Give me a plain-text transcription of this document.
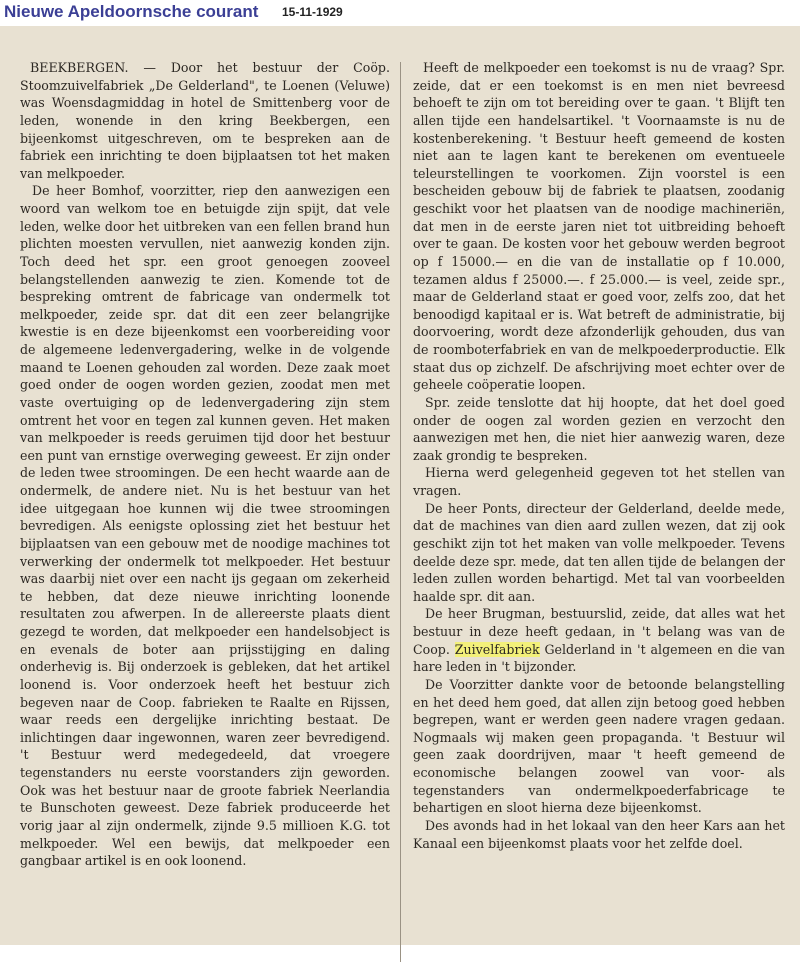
Nieuwe Apeldoornsche courant 15-11-1929

BEEKBERGEN. — Door het bestuur der Coöp. Stoomzuivelfabriek „De Gelderland", te Loenen (Veluwe) was Woensdagmiddag in hotel de Smittenberg voor de leden, wonende in den kring Beekbergen, een bijeenkomst uitgeschreven, om te bespreken aan de fabriek een inrichting te doen bijplaatsen tot het maken van melkpoeder.

De heer Bomhof, voorzitter, riep den aanwezigen een woord van welkom toe en betuigde zijn spijt, dat vele leden, welke door het uitbreken van een fellen brand hun plichten moesten vervullen, niet aanwezig konden zijn. Toch deed het spr. een groot genoegen zooveel belangstellenden aanwezig te zien. Komende tot de bespreking omtrent de fabricage van ondermelk tot melkpoeder, zeide spr. dat dit een zeer belangrijke kwestie is en deze bijeenkomst een voorbereiding voor de algemeene ledenvergadering, welke in de volgende maand te Loenen gehouden zal worden. Deze zaak moet goed onder de oogen worden gezien, zoodat men met vaste overtuiging op de ledenvergadering zijn stem omtrent het voor en tegen zal kunnen geven. Het maken van melkpoeder is reeds geruimen tijd door het bestuur een punt van ernstige overweging geweest. Er zijn onder de leden twee stroomingen. De een hecht waarde aan de ondermelk, de andere niet. Nu is het bestuur van het idee uitgegaan hoe kunnen wij die twee stroomingen bevredigen. Als eenigste oplossing ziet het bestuur het bijplaatsen van een gebouw met de noodige machines tot verwerking der ondermelk tot melkpoeder. Het bestuur was daarbij niet over een nacht ijs gegaan om zekerheid te hebben, dat deze nieuwe inrichting loonende resultaten zou afwerpen. In de allereerste plaats dient gezegd te worden, dat melkpoeder een handelsobject is en evenals de boter aan prijsstijging en daling onderhevig is. Bij onderzoek is gebleken, dat het artikel loonend is. Voor onderzoek heeft het bestuur zich begeven naar de Coop. fabrieken te Raalte en Rijssen, waar reeds een dergelijke inrichting bestaat. De inlichtingen daar ingewonnen, waren zeer bevredigend. 't Bestuur werd medegedeeld, dat vroegere tegenstanders nu eerste voorstanders zijn geworden. Ook was het bestuur naar de groote fabriek Neerlandia te Bunschoten geweest. Deze fabriek produceerde het vorig jaar al zijn ondermelk, zijnde 9.5 millioen K.G. tot melkpoeder. Wel een bewijs, dat melkpoeder een gangbaar artikel is en ook loonend.

Heeft de melkpoeder een toekomst is nu de vraag? Spr. zeide, dat er een toekomst is en men niet bevreesd behoeft te zijn om tot bereiding over te gaan. 't Blijft ten allen tijde een handelsartikel. 't Voornaamste is nu de kostenberekening. 't Bestuur heeft gemeend de kosten niet aan te lagen kant te berekenen om eventueele teleurstellingen te voorkomen. Zijn voorstel is een bescheiden gebouw bij de fabriek te plaatsen, zoodanig geschikt voor het plaatsen van de noodige machineriën, dat men in de eerste jaren niet tot uitbreiding behoeft over te gaan. De kosten voor het gebouw werden begroot op f 15000.— en die van de installatie op f 10.000, tezamen aldus f 25000.—. f 25.000.— is veel, zeide spr., maar de Gelderland staat er goed voor, zelfs zoo, dat het benoodigd kapitaal er is. Wat betreft de administratie, bij doorvoering, wordt deze afzonderlijk gehouden, dus van de roomboterfabriek en van de melkpoederproductie. Elk staat dus op zichzelf. De afschrijving moet echter over de geheele coöperatie loopen.

Spr. zeide tenslotte dat hij hoopte, dat het doel goed onder de oogen zal worden gezien en verzocht den aanwezigen met hen, die niet hier aanwezig waren, deze zaak grondig te bespreken.

Hierna werd gelegenheid gegeven tot het stellen van vragen.

De heer Ponts, directeur der Gelderland, deelde mede, dat de machines van dien aard zullen wezen, dat zij ook geschikt zijn tot het maken van volle melkpoeder. Tevens deelde deze spr. mede, dat ten allen tijde de belangen der leden zullen worden behartigd. Met tal van voorbeelden haalde spr. dit aan.

De heer Brugman, bestuurslid, zeide, dat alles wat het bestuur in deze heeft gedaan, in 't belang was van de Coop. Zuivelfabriek Gelderland in 't algemeen en die van hare leden in 't bijzonder.

De Voorzitter dankte voor de betoonde belangstelling en het deed hem goed, dat allen zijn betoog goed hebben begrepen, want er werden geen nadere vragen gedaan. Nogmaals wij maken geen propaganda. 't Bestuur wil geen zaak doordrijven, maar 't heeft gemeend de economische belangen zoowel van voor- als tegenstanders van ondermelkpoederfabricage te behartigen en sloot hierna deze bijeenkomst.

Des avonds had in het lokaal van den heer Kars aan het Kanaal een bijeenkomst plaats voor het zelfde doel.
